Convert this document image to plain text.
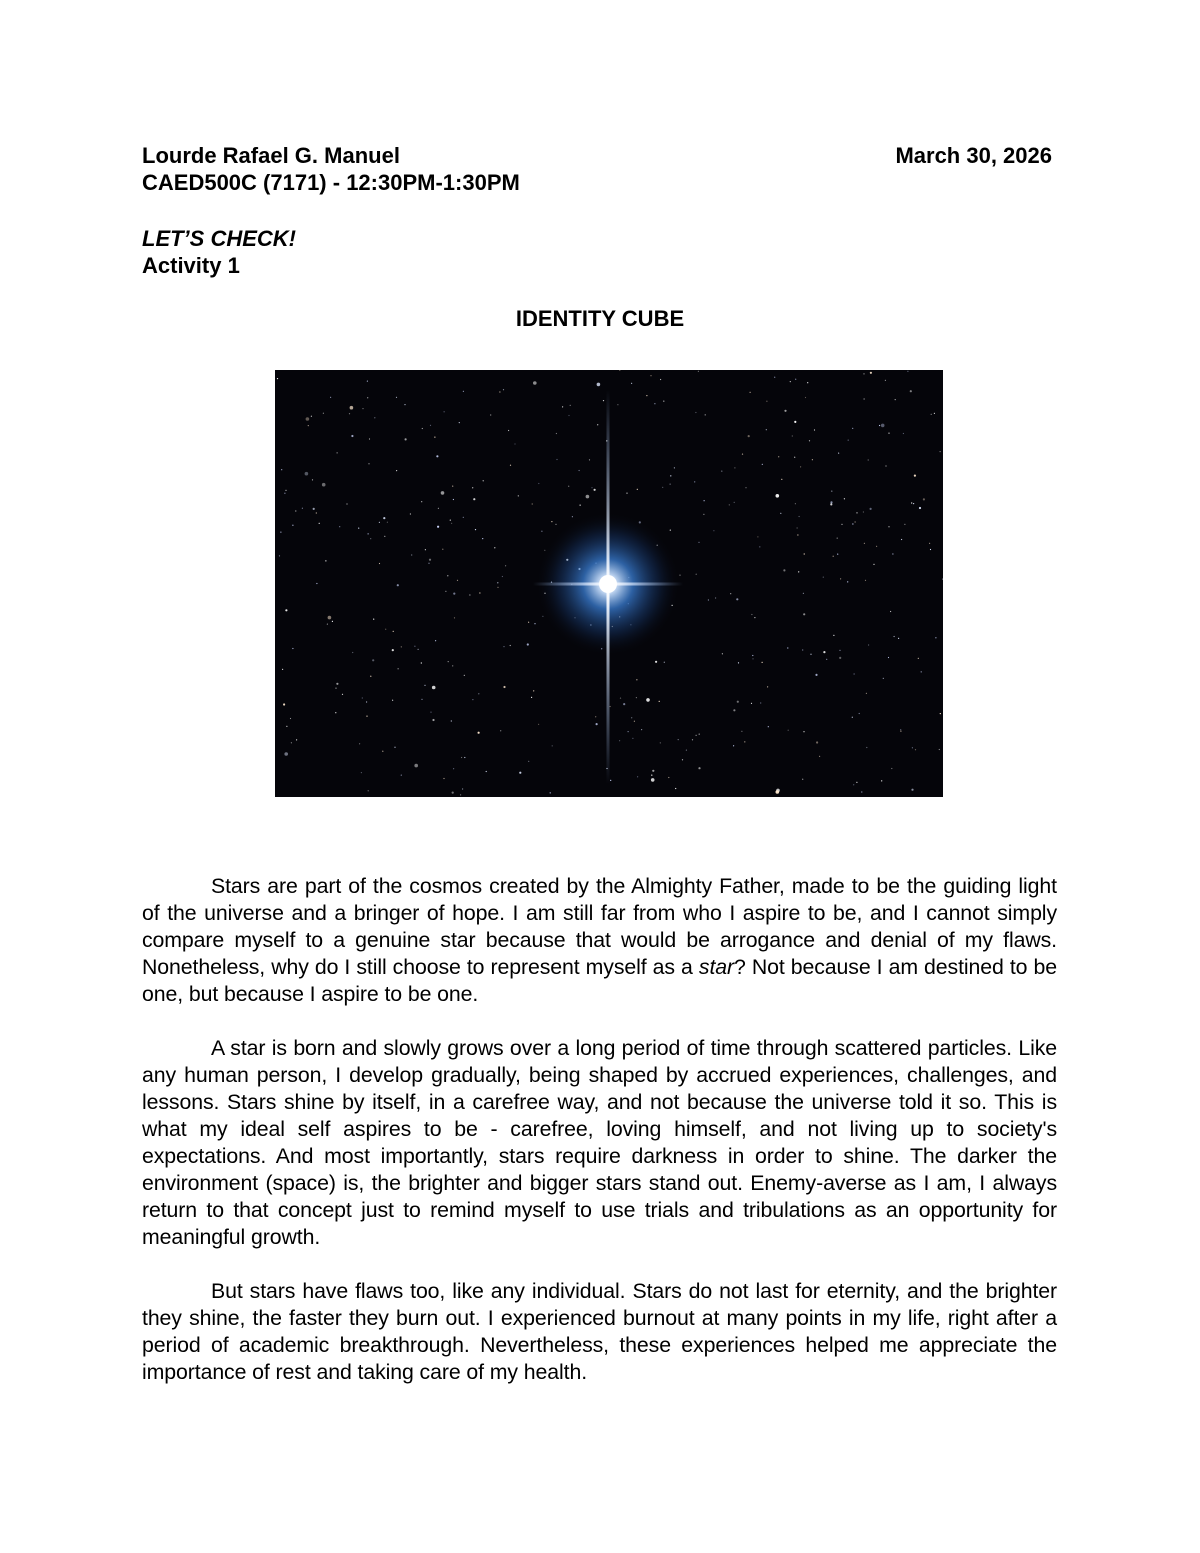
Lourde Rafael G. Manuel	March 30, 2026
CAED500C (7171) - 12:30PM-1:30PM
LET’S CHECK!
Activity 1
IDENTITY CUBE

Stars are part of the cosmos created by the Almighty Father, made to be the guiding light of the universe and a bringer of hope. I am still far from who I aspire to be, and I cannot simply compare myself to a genuine star because that would be arrogance and denial of my flaws. Nonetheless, why do I still choose to represent myself as a star? Not because I am destined to be one, but because I aspire to be one.

A star is born and slowly grows over a long period of time through scattered particles. Like any human person, I develop gradually, being shaped by accrued experiences, challenges, and lessons. Stars shine by itself, in a carefree way, and not because the universe told it so. This is what my ideal self aspires to be - carefree, loving himself, and not living up to society's expectations. And most importantly, stars require darkness in order to shine. The darker the environment (space) is, the brighter and bigger stars stand out. Enemy-averse as I am, I always return to that concept just to remind myself to use trials and tribulations as an opportunity for meaningful growth.

But stars have flaws too, like any individual. Stars do not last for eternity, and the brighter they shine, the faster they burn out. I experienced burnout at many points in my life, right after a period of academic breakthrough. Nevertheless, these experiences helped me appreciate the importance of rest and taking care of my health.
